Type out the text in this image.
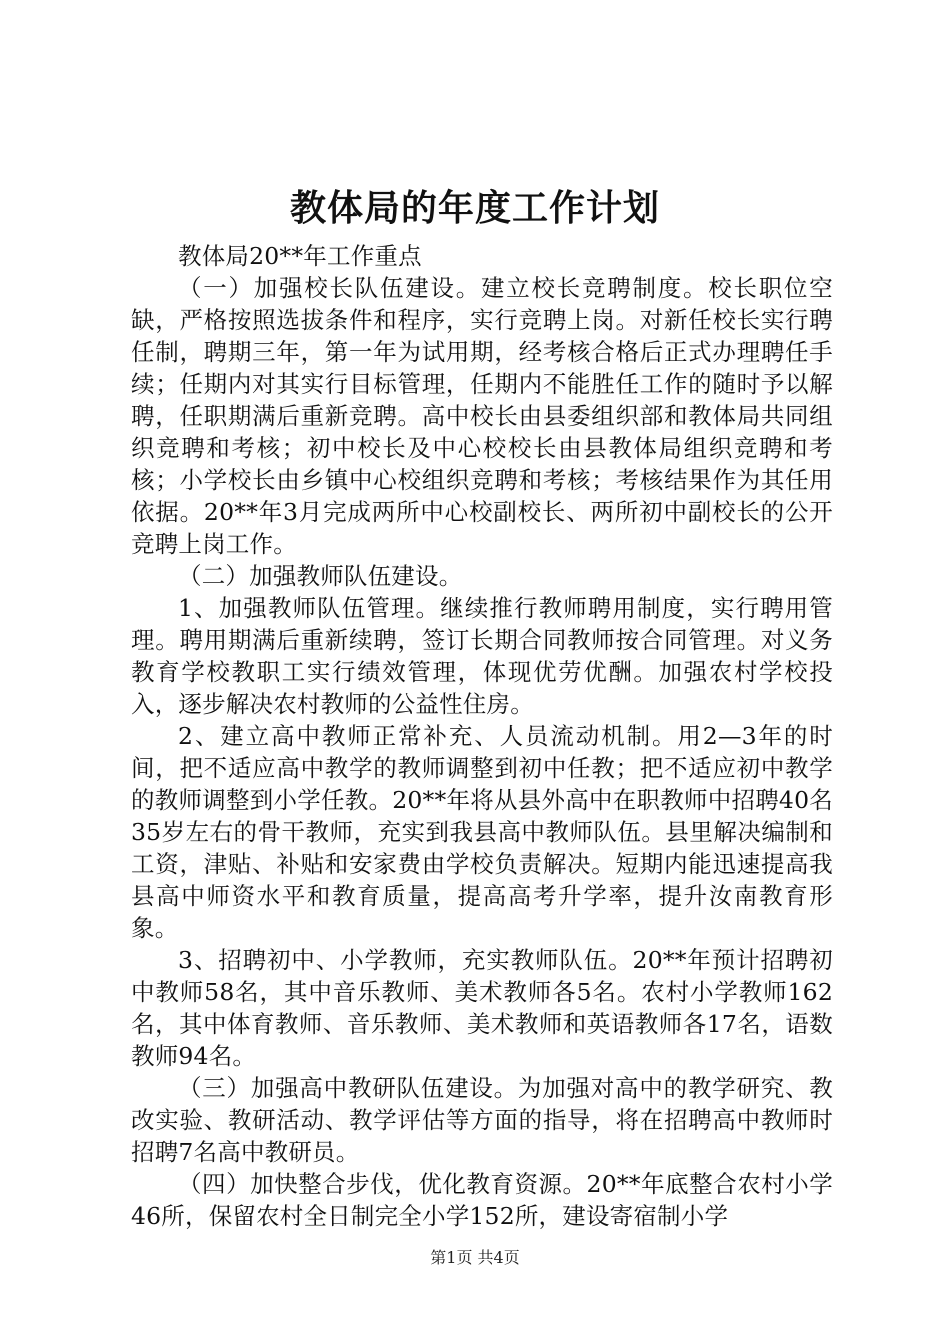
教体局的年度工作计划

教体局20**年工作重点

（一）加强校长队伍建设。建立校长竞聘制度。校长职位空缺，严格按照选拔条件和程序，实行竞聘上岗。对新任校长实行聘任制，聘期三年，第一年为试用期，经考核合格后正式办理聘任手续；任期内对其实行目标管理，任期内不能胜任工作的随时予以解聘，任职期满后重新竞聘。高中校长由县委组织部和教体局共同组织竞聘和考核；初中校长及中心校校长由县教体局组织竞聘和考核；小学校长由乡镇中心校组织竞聘和考核；考核结果作为其任用依据。20**年3月完成两所中心校副校长、两所初中副校长的公开竞聘上岗工作。

（二）加强教师队伍建设。

1、加强教师队伍管理。继续推行教师聘用制度，实行聘用管理。聘用期满后重新续聘，签订长期合同教师按合同管理。对义务教育学校教职工实行绩效管理，体现优劳优酬。加强农村学校投入，逐步解决农村教师的公益性住房。

2、建立高中教师正常补充、人员流动机制。用2—3年的时间，把不适应高中教学的教师调整到初中任教；把不适应初中教学的教师调整到小学任教。20**年将从县外高中在职教师中招聘40名35岁左右的骨干教师，充实到我县高中教师队伍。县里解决编制和工资，津贴、补贴和安家费由学校负责解决。短期内能迅速提高我县高中师资水平和教育质量，提高高考升学率，提升汝南教育形象。

3、招聘初中、小学教师，充实教师队伍。20**年预计招聘初中教师58名，其中音乐教师、美术教师各5名。农村小学教师162名，其中体育教师、音乐教师、美术教师和英语教师各17名，语数教师94名。

（三）加强高中教研队伍建设。为加强对高中的教学研究、教改实验、教研活动、教学评估等方面的指导，将在招聘高中教师时招聘7名高中教研员。

（四）加快整合步伐，优化教育资源。20**年底整合农村小学46所，保留农村全日制完全小学152所，建设寄宿制小学

第1页 共4页
